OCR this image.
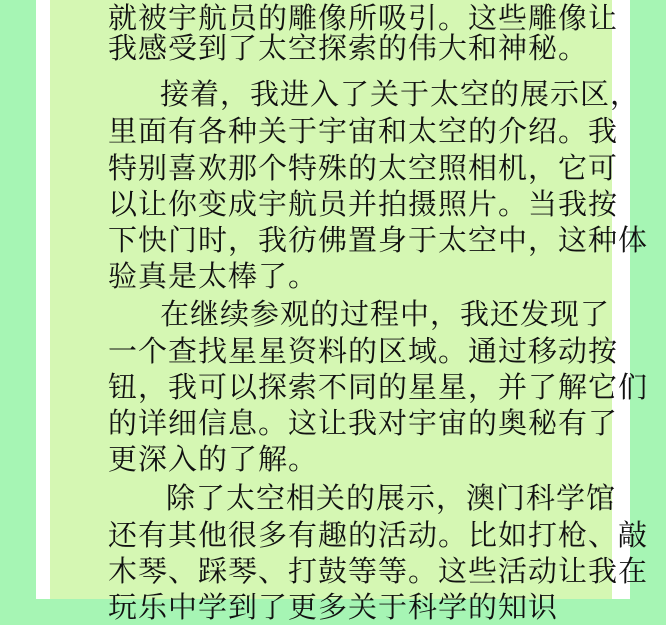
就被宇航员的雕像所吸引。这些雕像让
我感受到了太空探索的伟大和神秘。
接着，我进入了关于太空的展示区，
里面有各种关于宇宙和太空的介绍。我
特别喜欢那个特殊的太空照相机，它可
以让你变成宇航员并拍摄照片。当我按
下快门时，我彷佛置身于太空中，这种体
验真是太棒了。
在继续参观的过程中，我还发现了
一个查找星星资料的区域。通过移动按
钮，我可以探索不同的星星，并了解它们
的详细信息。这让我对宇宙的奥秘有了
更深入的了解。
除了太空相关的展示，澳门科学馆
还有其他很多有趣的活动。比如打枪、敲
木琴、踩琴、打鼓等等。这些活动让我在
玩乐中学到了更多关于科学的知识
